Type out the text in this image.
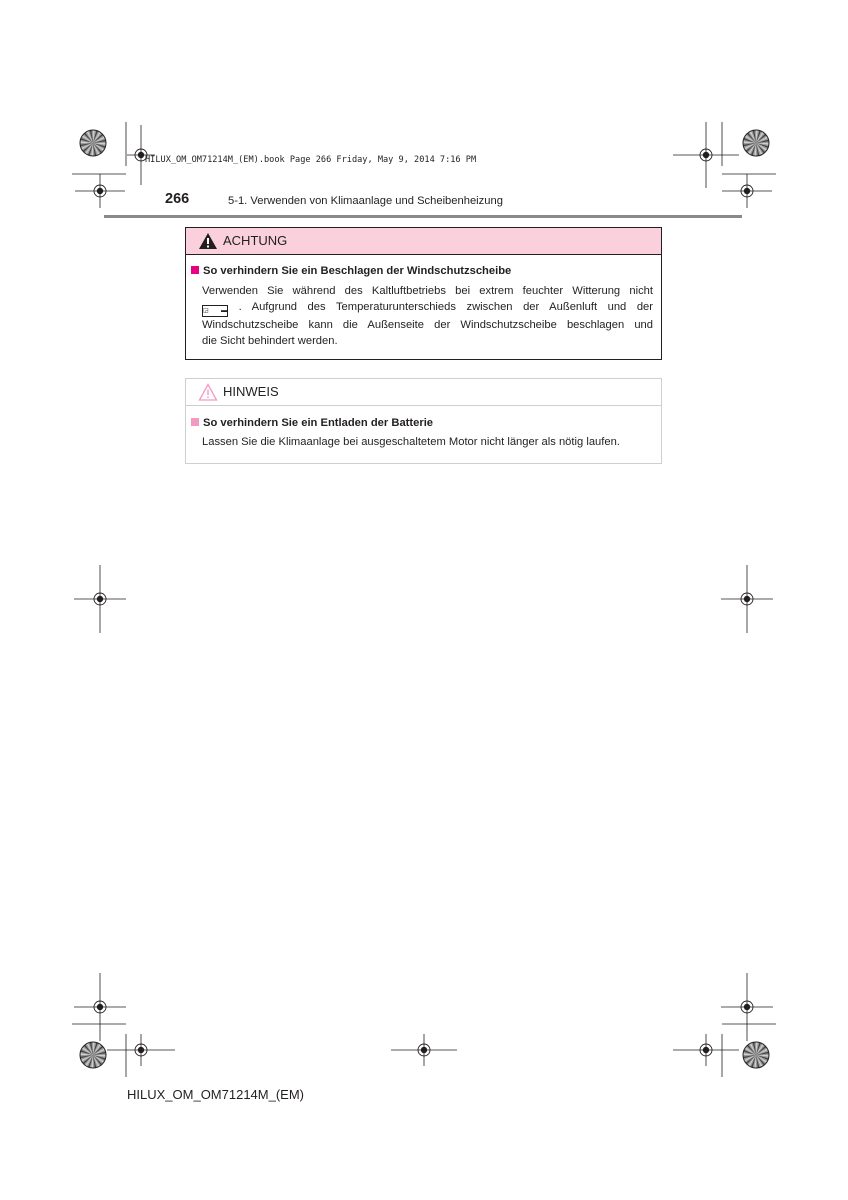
HILUX_OM_OM71214M_(EM).book Page 266 Friday, May 9, 2014 7:16 PM
266	5-1. Verwenden von Klimaanlage und Scheibenheizung
ACHTUNG
So verhindern Sie ein Beschlagen der Windschutzscheibe
Verwenden Sie während des Kaltluftbetriebs bei extrem feuchter Witterung nicht
◲ ▬ . Aufgrund des Temperaturunterschieds zwischen der Außenluft und der
Windschutzscheibe kann die Außenseite der Windschutzscheibe beschlagen und
die Sicht behindert werden.
HINWEIS
So verhindern Sie ein Entladen der Batterie
Lassen Sie die Klimaanlage bei ausgeschaltetem Motor nicht länger als nötig laufen.
HILUX_OM_OM71214M_(EM)
